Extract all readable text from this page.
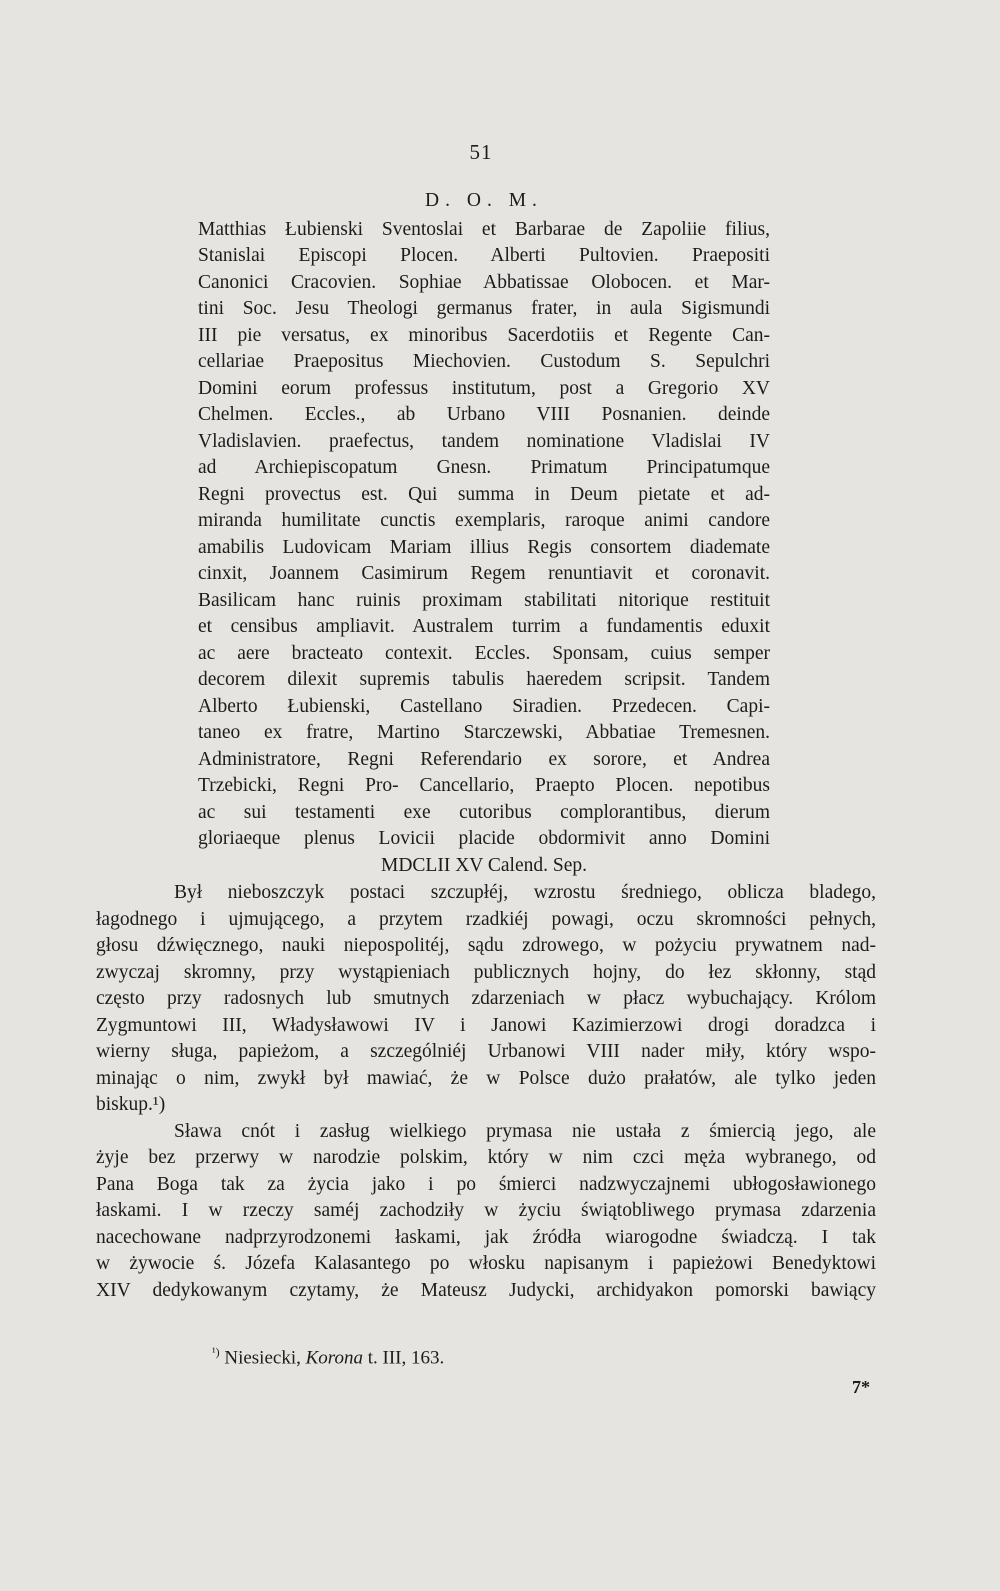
51
D. O. M.
Matthias Łubienski Sventoslai et Barbarae de Zapoliie filius,
Stanislai Episcopi Plocen. Alberti Pultovien. Praepositi
Canonici Cracovien. Sophiae Abbatissae Olobocen. et Mar-
tini Soc. Jesu Theologi germanus frater, in aula Sigismundi
III pie versatus, ex minoribus Sacerdotiis et Regente Can-
cellariae Praepositus Miechovien. Custodum S. Sepulchri
Domini eorum professus institutum, post a Gregorio XV
Chelmen. Eccles., ab Urbano VIII Posnanien. deinde
Vladislavien. praefectus, tandem nominatione Vladislai IV
ad Archiepiscopatum Gnesn. Primatum Principatumque
Regni provectus est. Qui summa in Deum pietate et ad-
miranda humilitate cunctis exemplaris, raroque animi candore
amabilis Ludovicam Mariam illius Regis consortem diademate
cinxit, Joannem Casimirum Regem renuntiavit et coronavit.
Basilicam hanc ruinis proximam stabilitati nitorique restituit
et censibus ampliavit. Australem turrim a fundamentis eduxit
ac aere bracteato contexit. Eccles. Sponsam, cuius semper
decorem dilexit supremis tabulis haeredem scripsit. Tandem
Alberto Łubienski, Castellano Siradien. Przedecen. Capi-
taneo ex fratre, Martino Starczewski, Abbatiae Tremesnen.
Administratore, Regni Referendario ex sorore, et Andrea
Trzebicki, Regni Pro- Cancellario, Praepto Plocen. nepotibus
ac sui testamenti exe cutoribus complorantibus, dierum
gloriaeque plenus Lovicii placide obdormivit anno Domini
MDCLII XV Calend. Sep.
Był nieboszczyk postaci szczupłéj, wzrostu średniego, oblicza bladego,
łagodnego i ujmującego, a przytem rzadkiéj powagi, oczu skromności pełnych,
głosu dźwięcznego, nauki niepospolitéj, sądu zdrowego, w pożyciu prywatnem nad-
zwyczaj skromny, przy wystąpieniach publicznych hojny, do łez skłonny, stąd
często przy radosnych lub smutnych zdarzeniach w płacz wybuchający. Królom
Zygmuntowi III, Władysławowi IV i Janowi Kazimierzowi drogi doradzca i
wierny sługa, papieżom, a szczególniéj Urbanowi VIII nader miły, który wspo-
minając o nim, zwykł był mawiać, że w Polsce dużo prałatów, ale tylko jeden
biskup.¹)
Sława cnót i zasług wielkiego prymasa nie ustała z śmiercią jego, ale
żyje bez przerwy w narodzie polskim, który w nim czci męża wybranego, od
Pana Boga tak za życia jako i po śmierci nadzwyczajnemi ubłogosławionego
łaskami. I w rzeczy saméj zachodziły w życiu świątobliwego prymasa zdarzenia
nacechowane nadprzyrodzonemi łaskami, jak źródła wiarogodne świadczą. I tak
w żywocie ś. Józefa Kalasantego po włosku napisanym i papieżowi Benedyktowi
XIV dedykowanym czytamy, że Mateusz Judycki, archidyakon pomorski bawiący
$^{^1)}$ Niesiecki, Korona t. III, 163.
7*
